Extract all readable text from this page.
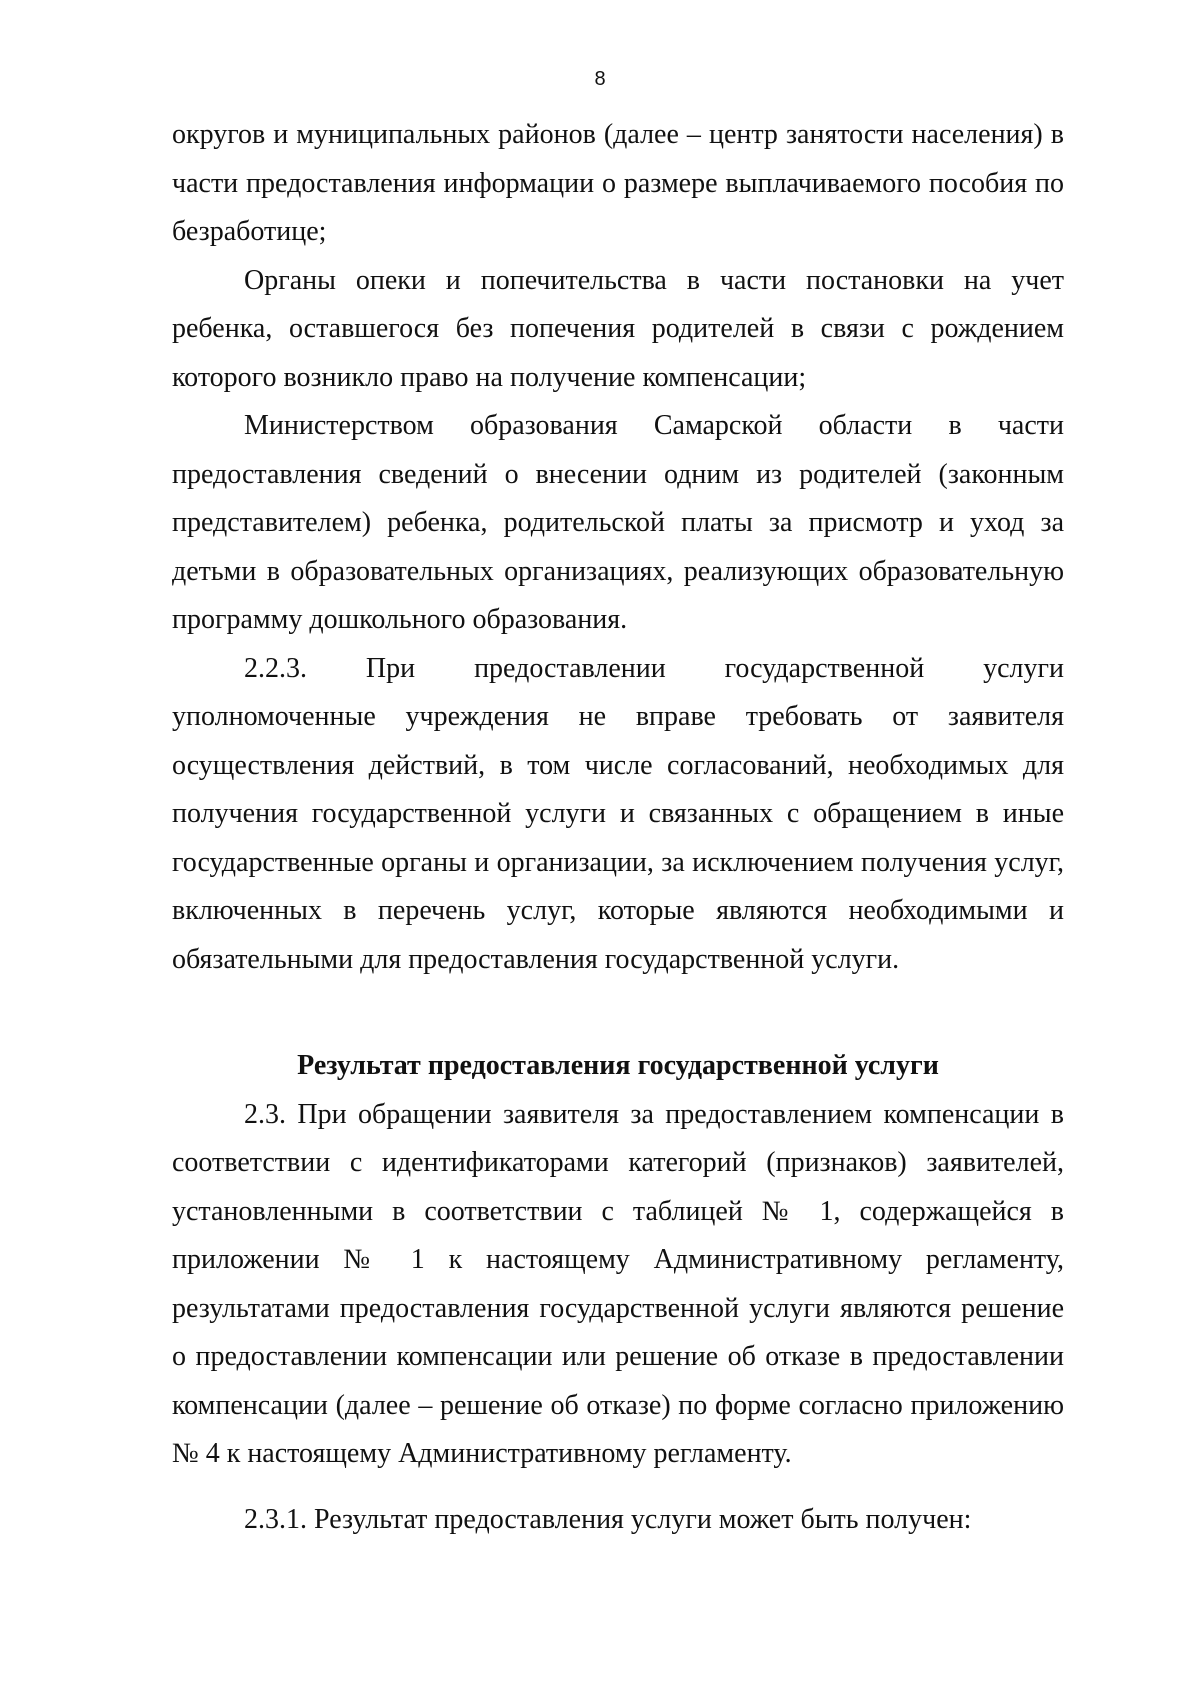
8

округов и муниципальных районов (далее – центр занятости населения) в части предоставления информации о размере выплачиваемого пособия по безработице;

Органы опеки и попечительства в части постановки на учет ребенка, оставшегося без попечения родителей в связи с рождением которого возникло право на получение компенсации;

Министерством образования Самарской области в части предоставления сведений о внесении одним из родителей (законным представителем) ребенка, родительской платы за присмотр и уход за детьми в образовательных организациях, реализующих образовательную программу дошкольного образования.

2.2.3. При предоставлении государственной услуги уполномоченные учреждения не вправе требовать от заявителя осуществления действий, в том числе согласований, необходимых для получения государственной услуги и связанных с обращением в иные государственные органы и организации, за исключением получения услуг, включенных в перечень услуг, которые являются необходимыми и обязательными для предоставления государственной услуги.

Результат предоставления государственной услуги

2.3. При обращении заявителя за предоставлением компенсации в соответствии с идентификаторами категорий (признаков) заявителей, установленными в соответствии с таблицей № 1, содержащейся в приложении № 1 к настоящему Административному регламенту, результатами предоставления государственной услуги являются решение о предоставлении компенсации или решение об отказе в предоставлении компенсации (далее – решение об отказе) по форме согласно приложению № 4 к настоящему Административному регламенту.

2.3.1. Результат предоставления услуги может быть получен:
